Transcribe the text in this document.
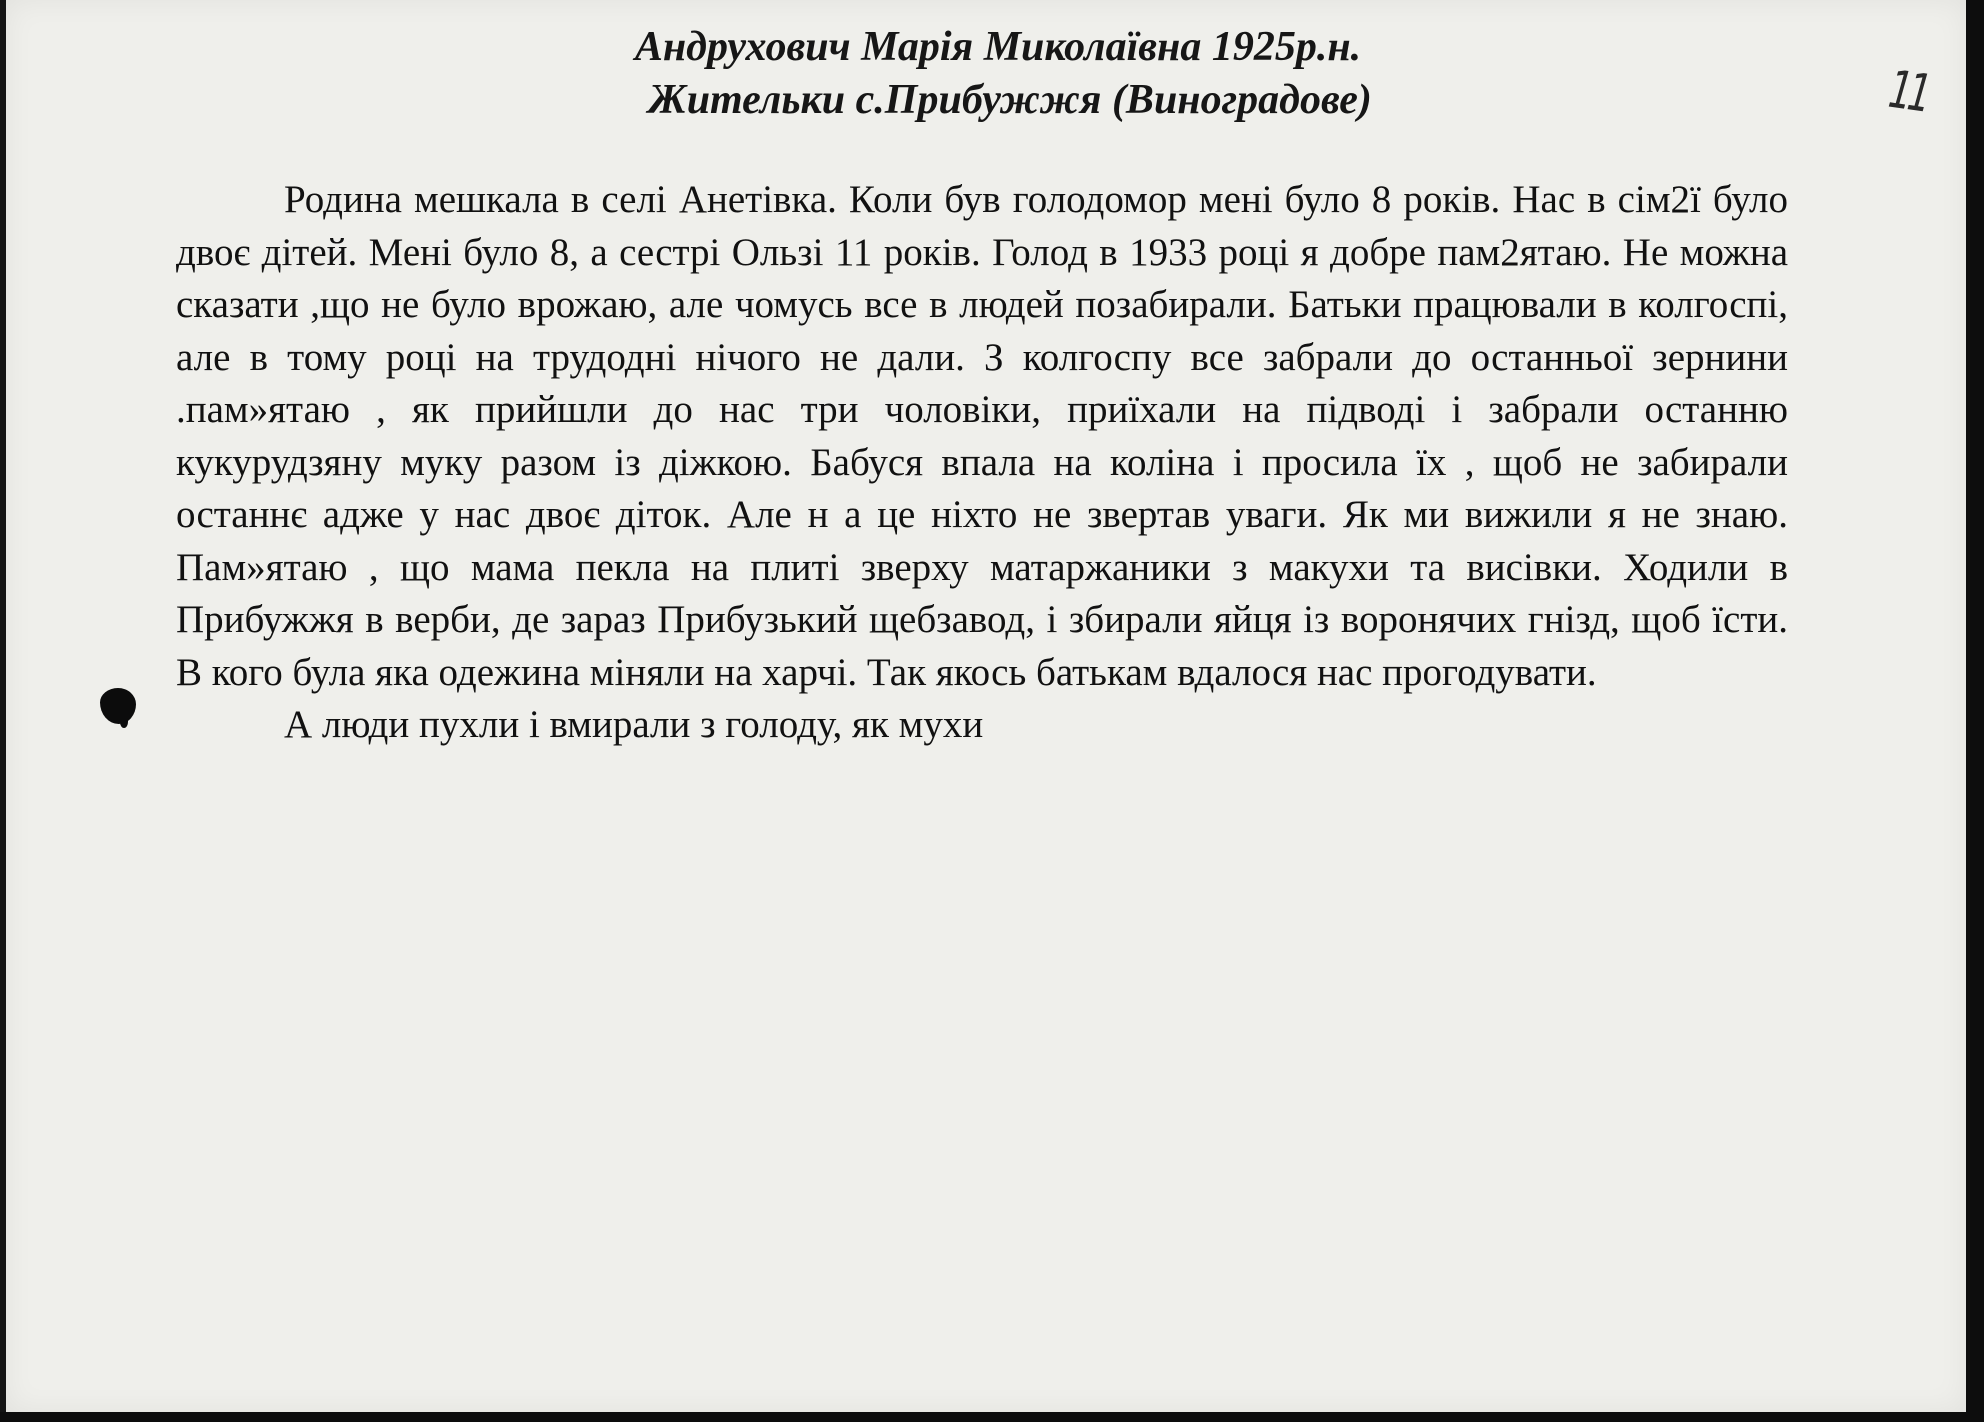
Андрухович Марія Миколаївна 1925р.н.
Жительки с.Прибужжя (Виноградове)	11

Родина мешкала в селі Анетівка. Коли був голодомор мені було 8 років. Нас в сім2ї було двоє дітей. Мені було 8, а сестрі Ользі 11 років. Голод в 1933 році я добре пам2ятаю. Не можна сказати ,що не було врожаю, але чомусь все в людей позабирали. Батьки працювали в колгоспі, але в тому році на трудодні нічого не дали. З колгоспу все забрали до останньої зернини .пам»ятаю , як прийшли до нас три чоловіки, приїхали на підводі і забрали останню кукурудзяну муку разом із діжкою. Бабуся впала на коліна і просила їх , щоб не забирали останнє адже у нас двоє діток. Але н а це ніхто не звертав уваги. Як ми вижили я не знаю. Пам»ятаю , що мама пекла на плиті зверху матаржаники з макухи та висівки. Ходили в Прибужжя в верби, де зараз Прибузький щебзавод, і збирали яйця із воронячих гнізд, щоб їсти. В кого була яка одежина міняли на харчі. Так якось батькам вдалося нас прогодувати.

А люди пухли і вмирали з голоду, як мухи
